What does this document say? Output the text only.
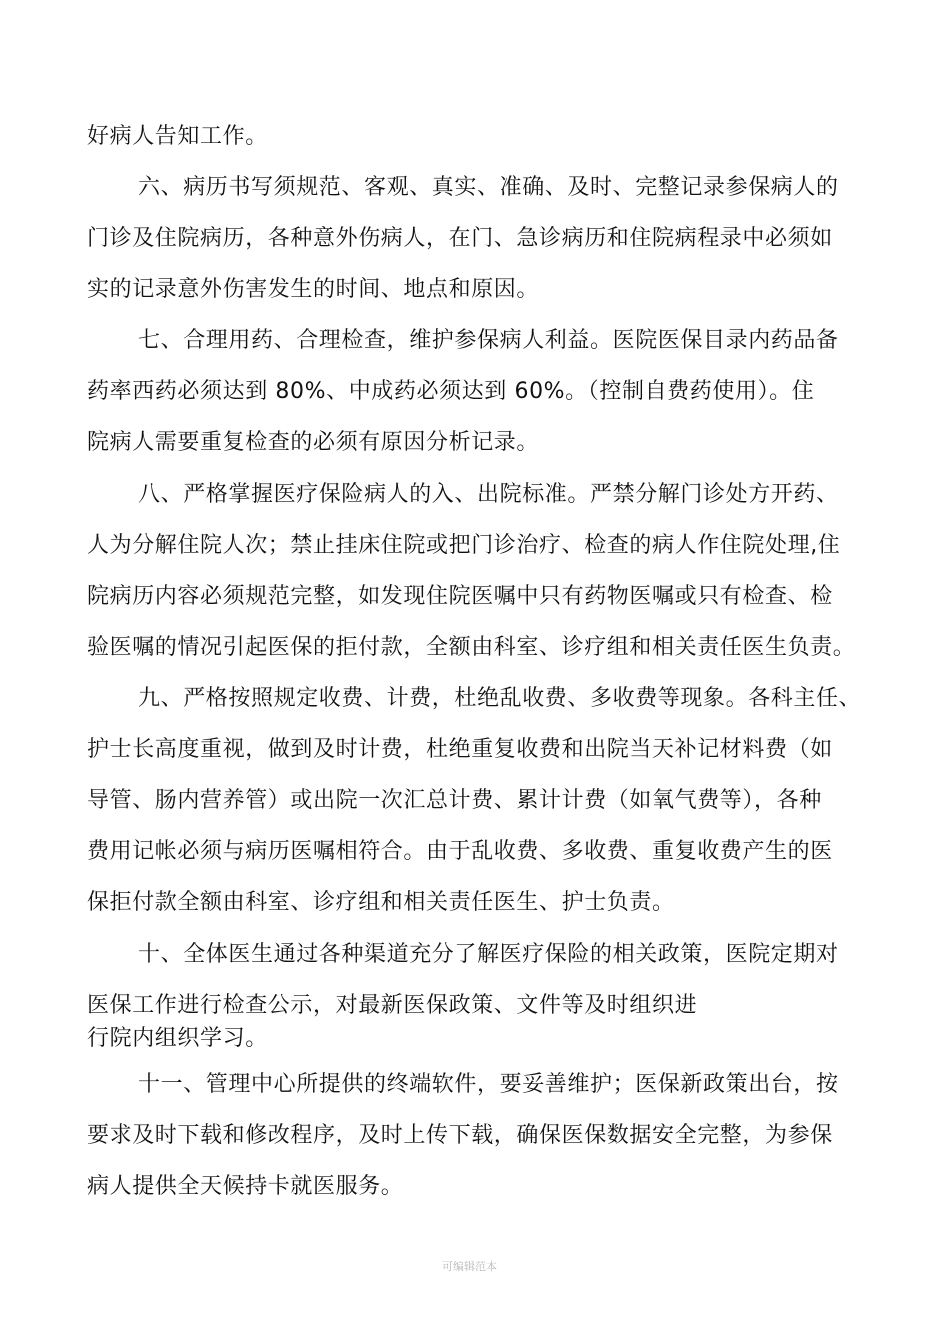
好病人告知工作。
六、病历书写须规范、客观、真实、准确、及时、完整记录参保病人的
门诊及住院病历，各种意外伤病人，在门、急诊病历和住院病程录中必须如
实的记录意外伤害发生的时间、地点和原因。
七、合理用药、合理检查，维护参保病人利益。医院医保目录内药品备
药率西药必须达到 80%、中成药必须达到 60%。（控制自费药使用）。住
院病人需要重复检查的必须有原因分析记录。
八、严格掌握医疗保险病人的入、出院标准。严禁分解门诊处方开药、
人为分解住院人次；禁止挂床住院或把门诊治疗、检查的病人作住院处理,住
院病历内容必须规范完整，如发现住院医嘱中只有药物医嘱或只有检查、检
验医嘱的情况引起医保的拒付款，全额由科室、诊疗组和相关责任医生负责。
九、严格按照规定收费、计费，杜绝乱收费、多收费等现象。各科主任、
护士长高度重视，做到及时计费，杜绝重复收费和出院当天补记材料费（如
导管、肠内营养管）或出院一次汇总计费、累计计费（如氧气费等），各种
费用记帐必须与病历医嘱相符合。由于乱收费、多收费、重复收费产生的医
保拒付款全额由科室、诊疗组和相关责任医生、护士负责。
十、全体医生通过各种渠道充分了解医疗保险的相关政策，医院定期对
医保工作进行检查公示，对最新医保政策、文件等及时组织进
行院内组织学习。
十一、管理中心所提供的终端软件，要妥善维护；医保新政策出台，按
要求及时下载和修改程序，及时上传下载，确保医保数据安全完整，为参保
病人提供全天候持卡就医服务。
可编辑范本
